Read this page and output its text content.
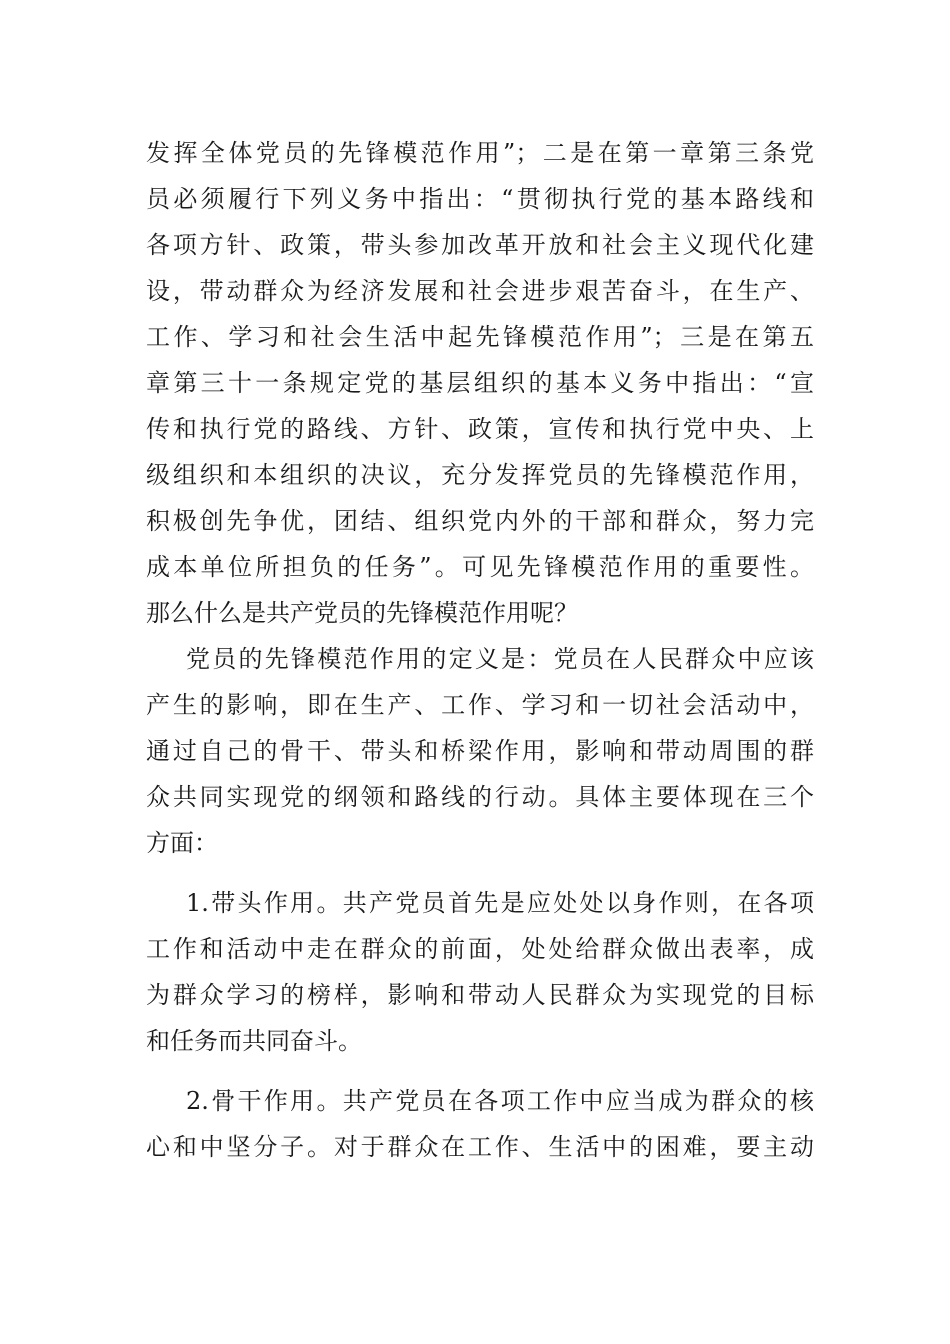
发挥全体党员的先锋模范作用”；二是在第一章第三条党
员必须履行下列义务中指出：“贯彻执行党的基本路线和
各项方针、政策，带头参加改革开放和社会主义现代化建
设，带动群众为经济发展和社会进步艰苦奋斗，在生产、
工作、学习和社会生活中起先锋模范作用”；三是在第五
章第三十一条规定党的基层组织的基本义务中指出：“宣
传和执行党的路线、方针、政策，宣传和执行党中央、上
级组织和本组织的决议，充分发挥党员的先锋模范作用，
积极创先争优，团结、组织党内外的干部和群众，努力完
成本单位所担负的任务”。可见先锋模范作用的重要性。
那么什么是共产党员的先锋模范作用呢？
党员的先锋模范作用的定义是：党员在人民群众中应该
产生的影响，即在生产、工作、学习和一切社会活动中，
通过自己的骨干、带头和桥梁作用，影响和带动周围的群
众共同实现党的纲领和路线的行动。具体主要体现在三个
方面：
1.带头作用。共产党员首先是应处处以身作则，在各项
工作和活动中走在群众的前面，处处给群众做出表率，成
为群众学习的榜样，影响和带动人民群众为实现党的目标
和任务而共同奋斗。
2.骨干作用。共产党员在各项工作中应当成为群众的核
心和中坚分子。对于群众在工作、生活中的困难，要主动
